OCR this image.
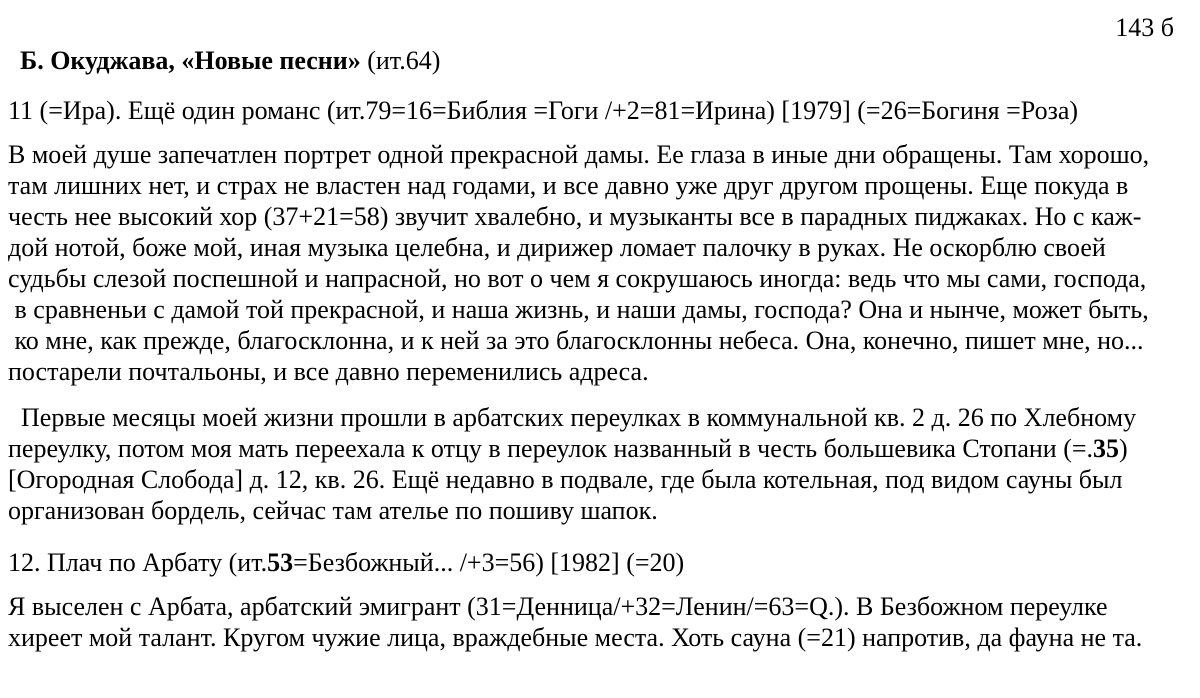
143 б
Б. Окуджава, «Новые песни» (ит.64)
11 (=Ира). Ещё один романс (ит.79=16=Библия =Гоги /+2=81=Ирина) [1979] (=26=Богиня =Роза)
В моей душе запечатлен портрет одной прекрасной дамы. Ее глаза в иные дни обращены. Там хорошо,
там лишних нет, и страх не властен над годами, и все давно уже друг другом прощены. Еще покуда в
честь нее высокий хор (37+21=58) звучит хвалебно, и музыканты все в парадных пиджаках. Но с каж-
дой нотой, боже мой, иная музыка целебна, и дирижер ломает палочку в руках. Не оскорблю своей
судьбы слезой поспешной и напрасной, но вот о чем я сокрушаюсь иногда: ведь что мы сами, господа,
в сравненьи с дамой той прекрасной, и наша жизнь, и наши дамы, господа? Она и нынче, может быть,
ко мне, как прежде, благосклонна, и к ней за это благосклонны небеса. Она, конечно, пишет мне, но...
постарели почтальоны, и все давно переменились адреса.
Первые месяцы моей жизни прошли в арбатских переулках в коммунальной кв. 2 д. 26 по Хлебному
переулку, потом моя мать переехала к отцу в переулок названный в честь большевика Стопани (=.35)
[Огородная Слобода] д. 12, кв. 26. Ещё недавно в подвале, где была котельная, под видом сауны был
организован бордель, сейчас там ателье по пошиву шапок.
12. Плач по Арбату (ит.53=Безбожный... /+3=56) [1982] (=20)
Я выселен с Арбата, арбатский эмигрант (31=Денница/+32=Ленин/=63=Q.). В Безбожном переулке
хиреет мой талант. Кругом чужие лица, враждебные места. Хоть сауна (=21) напротив, да фауна не та.
